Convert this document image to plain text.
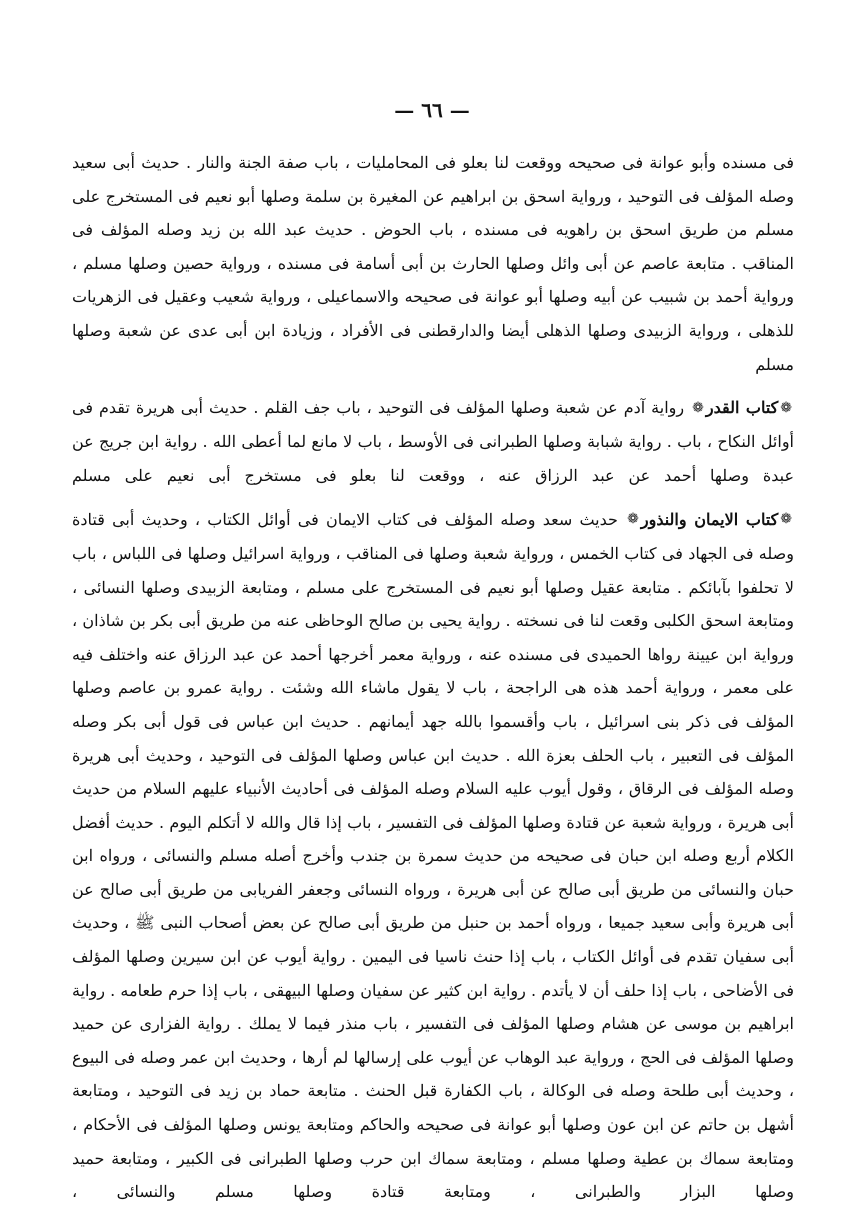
— ٦٦ —

فى مسنده وأبو عوانة فى صحيحه ووقعت لنا بعلو فى المحامليات ، باب صفة الجنة والنار . حديث أبى سعيد وصله المؤلف فى التوحيد ، ورواية اسحق بن ابراهيم عن المغيرة بن سلمة وصلها أبو نعيم فى المستخرج على مسلم من طريق اسحق بن راهويه فى مسنده ، باب الحوض . حديث عبد الله بن زيد وصله المؤلف فى المناقب . متابعة عاصم عن أبى وائل وصلها الحارث بن أبى أسامة فى مسنده ، ورواية حصين وصلها مسلم ، ورواية أحمد بن شبيب عن أبيه وصلها أبو عوانة فى صحيحه والاسماعيلى ، ورواية شعيب وعقيل فى الزهريات للذهلى ، ورواية الزبيدى وصلها الذهلى أيضا والدارقطنى فى الأفراد ، وزيادة ابن أبى عدى عن شعبة وصلها مسلم

❁كتاب القدر❁ رواية آدم عن شعبة وصلها المؤلف فى التوحيد ، باب جف القلم . حديث أبى هريرة تقدم فى أوائل النكاح ، باب . رواية شبابة وصلها الطبرانى فى الأوسط ، باب لا مانع لما أعطى الله . رواية ابن جريج عن عبدة وصلها أحمد عن عبد الرزاق عنه ، ووقعت لنا بعلو فى مستخرج أبى نعيم على مسلم

❁كتاب الايمان والنذور❁ حديث سعد وصله المؤلف فى كتاب الايمان فى أوائل الكتاب ، وحديث أبى قتادة وصله فى الجهاد فى كتاب الخمس ، ورواية شعبة وصلها فى المناقب ، ورواية اسرائيل وصلها فى اللباس ، باب لا تحلفوا بآبائكم . متابعة عقيل وصلها أبو نعيم فى المستخرج على مسلم ، ومتابعة الزبيدى وصلها النسائى ، ومتابعة اسحق الكلبى وقعت لنا فى نسخته . رواية يحيى بن صالح الوحاظى عنه من طريق أبى بكر بن شاذان ، ورواية ابن عيينة رواها الحميدى فى مسنده عنه ، ورواية معمر أخرجها أحمد عن عبد الرزاق عنه واختلف فيه على معمر ، ورواية أحمد هذه هى الراجحة ، باب لا يقول ماشاء الله وشئت . رواية عمرو بن عاصم وصلها المؤلف فى ذكر بنى اسرائيل ، باب وأقسموا بالله جهد أيمانهم . حديث ابن عباس فى قول أبى بكر وصله المؤلف فى التعبير ، باب الحلف بعزة الله . حديث ابن عباس وصلها المؤلف فى التوحيد ، وحديث أبى هريرة وصله المؤلف فى الرقاق ، وقول أيوب عليه السلام وصله المؤلف فى أحاديث الأنبياء عليهم السلام من حديث أبى هريرة ، ورواية شعبة عن قتادة وصلها المؤلف فى التفسير ، باب إذا قال والله لا أتكلم اليوم . حديث أفضل الكلام أربع وصله ابن حبان فى صحيحه من حديث سمرة بن جندب وأخرج أصله مسلم والنسائى ، ورواه ابن حبان والنسائى من طريق أبى صالح عن أبى هريرة ، ورواه النسائى وجعفر الفريابى من طريق أبى صالح عن أبى هريرة وأبى سعيد جميعا ، ورواه أحمد بن حنبل من طريق أبى صالح عن بعض أصحاب النبى ﷺ ، وحديث أبى سفيان تقدم فى أوائل الكتاب ، باب إذا حنث ناسيا فى اليمين . رواية أيوب عن ابن سيرين وصلها المؤلف فى الأضاحى ، باب إذا حلف أن لا يأتدم . رواية ابن كثير عن سفيان وصلها البيهقى ، باب إذا حرم طعامه . رواية ابراهيم بن موسى عن هشام وصلها المؤلف فى التفسير ، باب منذر فيما لا يملك . رواية الفزارى عن حميد وصلها المؤلف فى الحج ، ورواية عبد الوهاب عن أيوب على إرسالها لم أرها ، وحديث ابن عمر وصله فى البيوع ، وحديث أبى طلحة وصله فى الوكالة ، باب الكفارة قبل الحنث . متابعة حماد بن زيد فى التوحيد ، ومتابعة أشهل بن حاتم عن ابن عون وصلها أبو عوانة فى صحيحه والحاكم ومتابعة يونس وصلها المؤلف فى الأحكام ، ومتابعة سماك بن عطية وصلها مسلم ، ومتابعة سماك ابن حرب وصلها الطبرانى فى الكبير ، ومتابعة حميد وصلها البزار والطبرانى ، ومتابعة قتادة وصلها مسلم والنسائى ،
